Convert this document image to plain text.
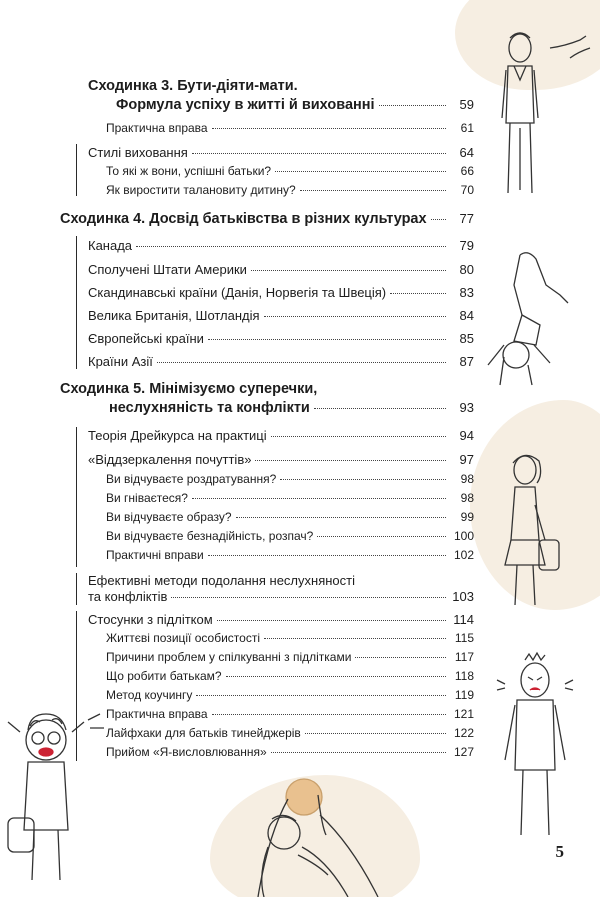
Сходинка 3. Бути-діяти-мати.
Формула успіху в житті й вихованні	59
Практична вправа	61
Стилі виховання	64
То які ж вони, успішні батьки?	66
Як виростити талановиту дитину?	70
Сходинка 4. Досвід батьківства в різних культурах	77
Канада	79
Сполучені Штати Америки	80
Скандинавські країни (Данія, Норвегія та Швеція)	83
Велика Британія, Шотландія	84
Європейські країни	85
Країни Азії	87
Сходинка 5. Мінімізуємо суперечки,
неслухняність та конфлікти	93
Теорія Дрейкурса на практиці	94
«Віддзеркалення почуттів»	97
Ви відчуваєте роздратування?	98
Ви гніваєтеся?	98
Ви відчуваєте образу?	99
Ви відчуваєте безнадійність, розпач?	100
Практичні вправи	102
Ефективні методи подолання неслухняності
та конфліктів	103
Стосунки з підлітком	114
Життєві позиції особистості	115
Причини проблем у спілкуванні з підлітками	117
Що робити батькам?	118
Метод коучингу	119
Практична вправа	121
Лайфхаки для батьків тинейджерів	122
Прийом «Я-висловлювання»	127
5
